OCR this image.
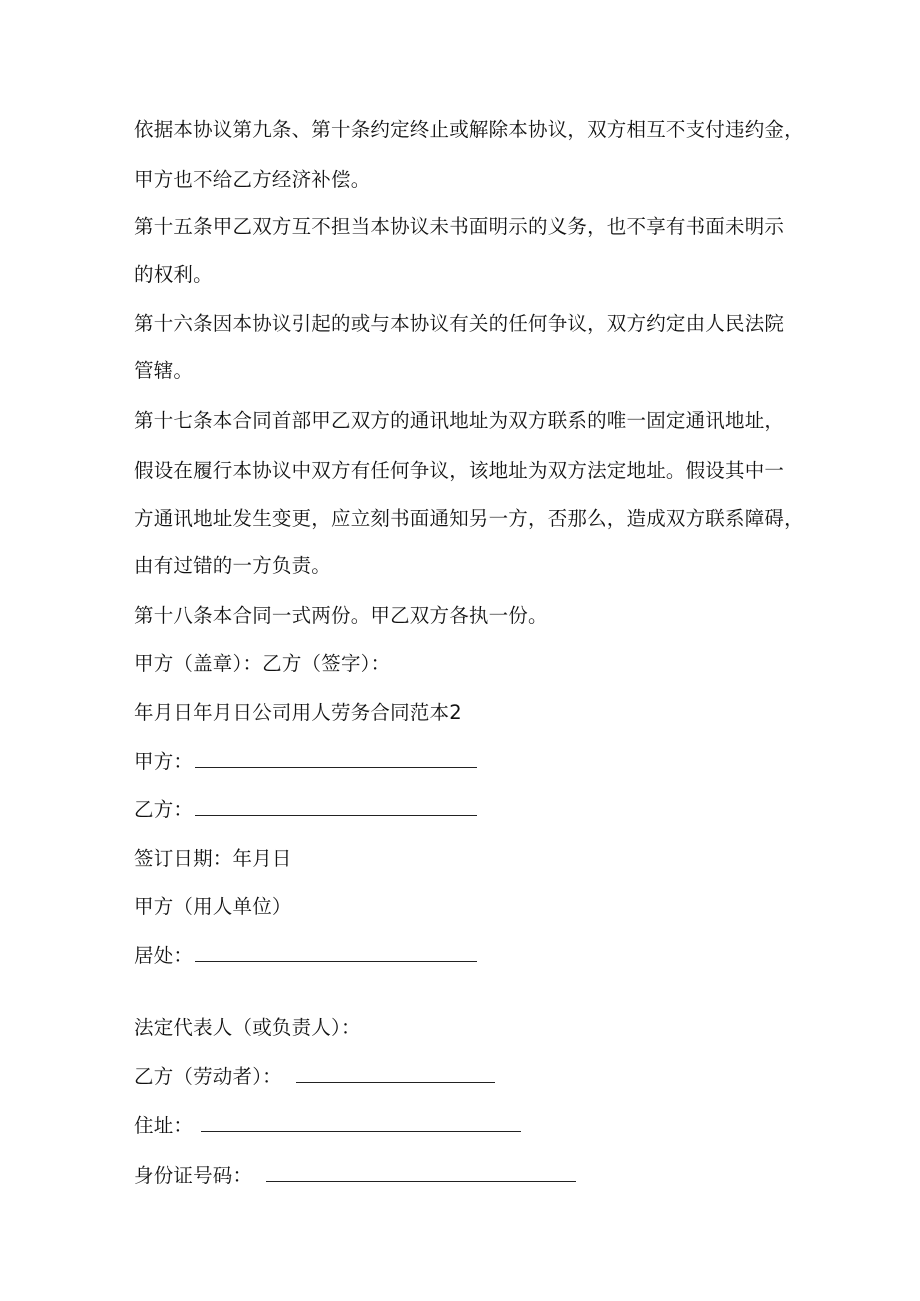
依据本协议第九条、第十条约定终止或解除本协议，双方相互不支付违约金，
甲方也不给乙方经济补偿。
第十五条甲乙双方互不担当本协议未书面明示的义务，也不享有书面未明示
的权利。
第十六条因本协议引起的或与本协议有关的任何争议，双方约定由人民法院
管辖。
第十七条本合同首部甲乙双方的通讯地址为双方联系的唯一固定通讯地址，
假设在履行本协议中双方有任何争议，该地址为双方法定地址。假设其中一
方通讯地址发生变更，应立刻书面通知另一方，否那么，造成双方联系障碍，
由有过错的一方负责。
第十八条本合同一式两份。甲乙双方各执一份。
甲方（盖章）：乙方（签字）：
年月日年月日公司用人劳务合同范本2
甲方：
乙方：
签订日期：年月日
甲方（用人单位）
居处：
法定代表人（或负责人）：
乙方（劳动者）：
住址：
身份证号码：
